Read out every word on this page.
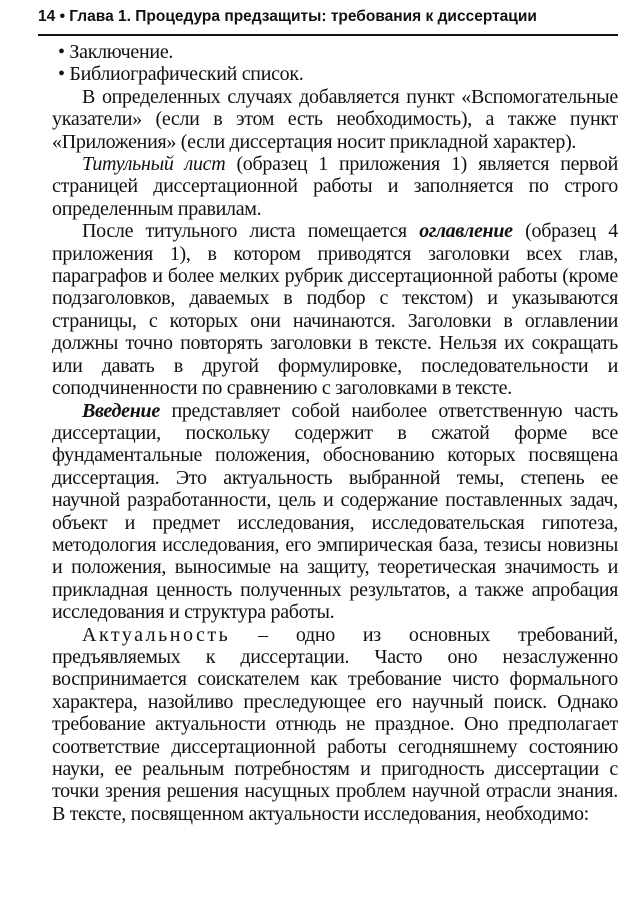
14 • Глава 1. Процедура предзащиты: требования к диссертации

• Заключение.

• Библиографический список.

В определенных случаях добавляется пункт «Вспомогательные указатели» (если в этом есть необходимость), а также пункт «Приложения» (если диссертация носит прикладной характер).

Титульный лист (образец 1 приложения 1) является первой страницей диссертационной работы и заполняется по строго определенным правилам.

После титульного листа помещается оглавление (образец 4 приложения 1), в котором приводятся заголовки всех глав, параграфов и более мелких рубрик диссертационной работы (кроме подзаголовков, даваемых в подбор с текстом) и указываются страницы, с которых они начинаются. Заголовки в оглавлении должны точно повторять заголовки в тексте. Нельзя их сокращать или давать в другой формулировке, последовательности и соподчиненности по сравнению с заголовками в тексте.

Введение представляет собой наиболее ответственную часть диссертации, поскольку содержит в сжатой форме все фундаментальные положения, обоснованию которых посвящена диссертация. Это актуальность выбранной темы, степень ее научной разработанности, цель и содержание поставленных задач, объект и предмет исследования, исследовательская гипотеза, методология исследования, его эмпирическая база, тезисы новизны и положения, выносимые на защиту, теоретическая значимость и прикладная ценность полученных результатов, а также апробация исследования и структура работы.

Актуальность – одно из основных требований, предъявляемых к диссертации. Часто оно незаслуженно воспринимается соискателем как требование чисто формального характера, назойливо преследующее его научный поиск. Однако требование актуальности отнюдь не праздное. Оно предполагает соответствие диссертационной работы сегодняшнему состоянию науки, ее реальным потребностям и пригодность диссертации с точки зрения решения насущных проблем научной отрасли знания. В тексте, посвященном актуальности исследования, необходимо:
